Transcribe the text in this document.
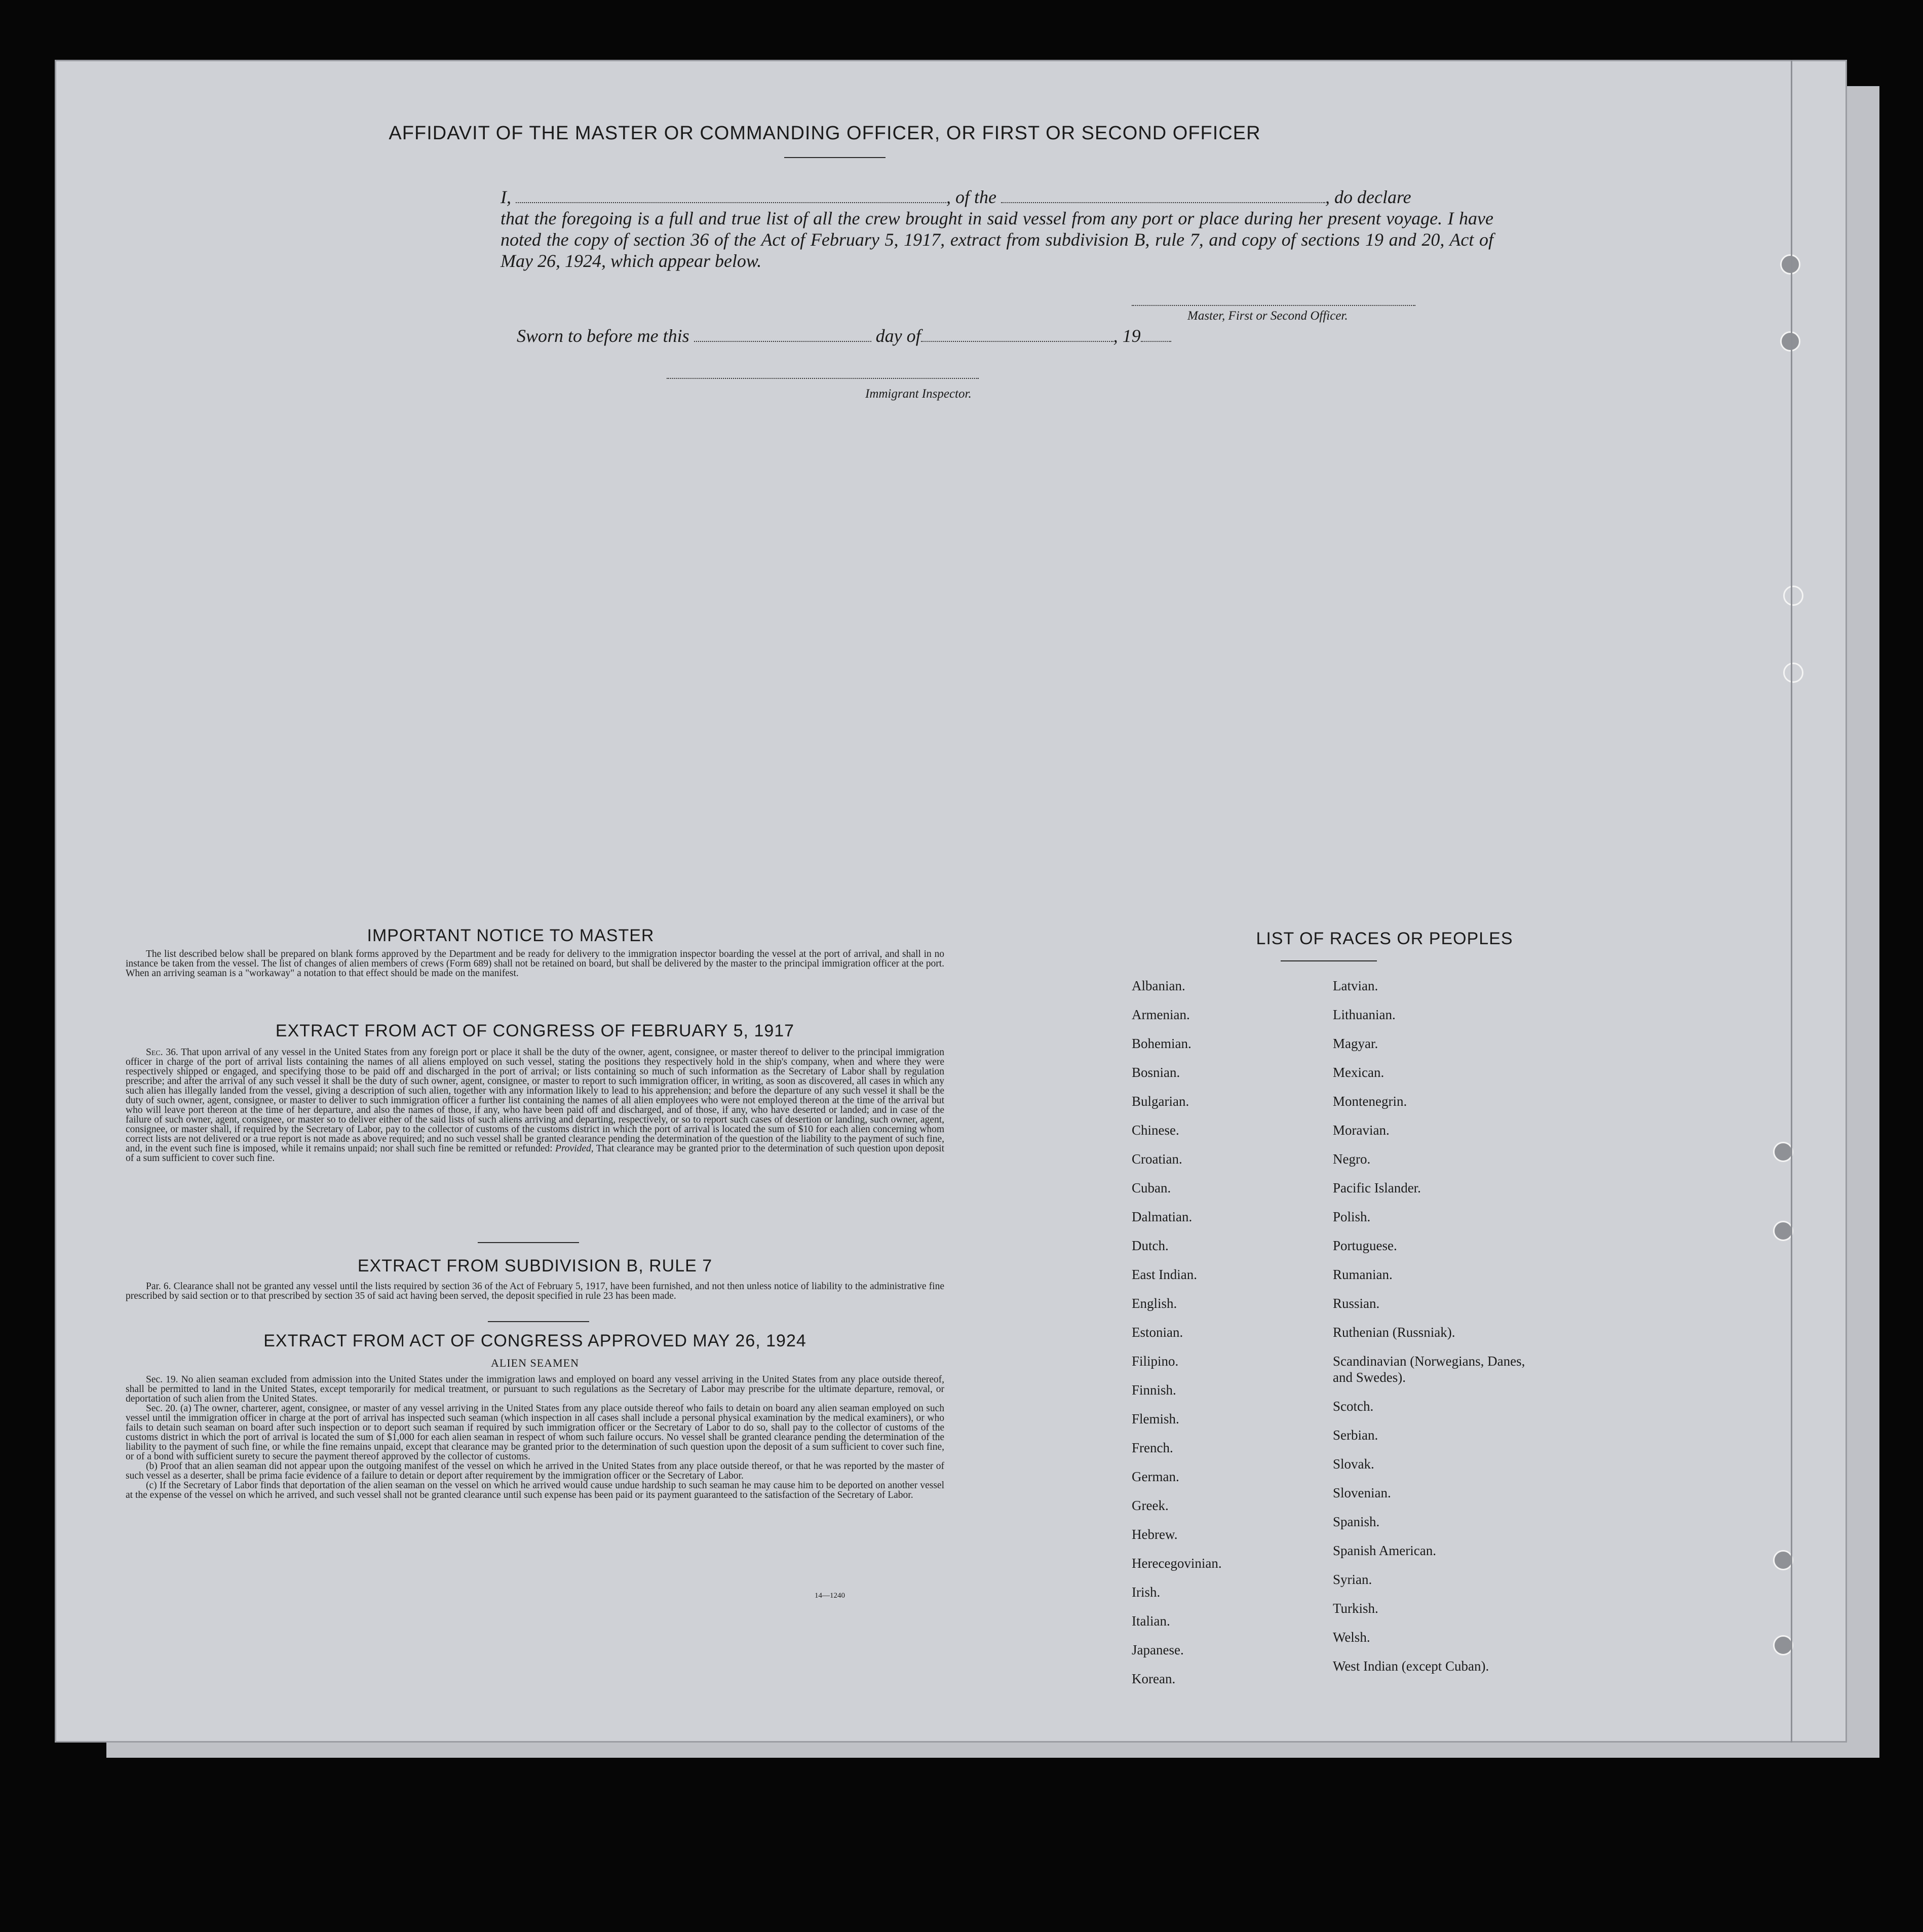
AFFIDAVIT OF THE MASTER OR COMMANDING OFFICER, OR FIRST OR SECOND OFFICER
I,	, of the	, do declare
that the foregoing is a full and true list of all the crew brought in said vessel from any port or place during her present voyage. I have noted the copy of section 36 of the Act of February 5, 1917, extract from subdivision B, rule 7, and copy of sections 19 and 20, Act of May 26, 1924, which appear below.
Master, First or Second Officer.
Sworn to before me this	day of	, 19
Immigrant Inspector.
IMPORTANT NOTICE TO MASTER

The list described below shall be prepared on blank forms approved by the Department and be ready for delivery to the immigration inspector boarding the vessel at the port of arrival, and shall in no instance be taken from the vessel. The list of changes of alien members of crews (Form 689) shall not be retained on board, but shall be delivered by the master to the principal immigration officer at the port. When an arriving seaman is a "workaway" a notation to that effect should be made on the manifest.

EXTRACT FROM ACT OF CONGRESS OF FEBRUARY 5, 1917

Sec. 36. That upon arrival of any vessel in the United States from any foreign port or place it shall be the duty of the owner, agent, consignee, or master thereof to deliver to the principal immigration officer in charge of the port of arrival lists containing the names of all aliens employed on such vessel, stating the positions they respectively hold in the ship's company, when and where they were respectively shipped or engaged, and specifying those to be paid off and discharged in the port of arrival; or lists containing so much of such information as the Secretary of Labor shall by regulation prescribe; and after the arrival of any such vessel it shall be the duty of such owner, agent, consignee, or master to report to such immigration officer, in writing, as soon as discovered, all cases in which any such alien has illegally landed from the vessel, giving a description of such alien, together with any information likely to lead to his apprehension; and before the departure of any such vessel it shall be the duty of such owner, agent, consignee, or master to deliver to such immigration officer a further list containing the names of all alien employees who were not employed thereon at the time of the arrival but who will leave port thereon at the time of her departure, and also the names of those, if any, who have been paid off and discharged, and of those, if any, who have deserted or landed; and in case of the failure of such owner, agent, consignee, or master so to deliver either of the said lists of such aliens arriving and departing, respectively, or so to report such cases of desertion or landing, such owner, agent, consignee, or master shall, if required by the Secretary of Labor, pay to the collector of customs of the customs district in which the port of arrival is located the sum of $10 for each alien concerning whom correct lists are not delivered or a true report is not made as above required; and no such vessel shall be granted clearance pending the determination of the question of the liability to the payment of such fine, and, in the event such fine is imposed, while it remains unpaid; nor shall such fine be remitted or refunded: Provided, That clearance may be granted prior to the determination of such question upon deposit of a sum sufficient to cover such fine.

EXTRACT FROM SUBDIVISION B, RULE 7

Par. 6. Clearance shall not be granted any vessel until the lists required by section 36 of the Act of February 5, 1917, have been furnished, and not then unless notice of liability to the administrative fine prescribed by said section or to that prescribed by section 35 of said act having been served, the deposit specified in rule 23 has been made.

EXTRACT FROM ACT OF CONGRESS APPROVED MAY 26, 1924
ALIEN SEAMEN

Sec. 19. No alien seaman excluded from admission into the United States under the immigration laws and employed on board any vessel arriving in the United States from any place outside thereof, shall be permitted to land in the United States, except temporarily for medical treatment, or pursuant to such regulations as the Secretary of Labor may prescribe for the ultimate departure, removal, or deportation of such alien from the United States.

Sec. 20. (a) The owner, charterer, agent, consignee, or master of any vessel arriving in the United States from any place outside thereof who fails to detain on board any alien seaman employed on such vessel until the immigration officer in charge at the port of arrival has inspected such seaman (which inspection in all cases shall include a personal physical examination by the medical examiners), or who fails to detain such seaman on board after such inspection or to deport such seaman if required by such immigration officer or the Secretary of Labor to do so, shall pay to the collector of customs of the customs district in which the port of arrival is located the sum of $1,000 for each alien seaman in respect of whom such failure occurs. No vessel shall be granted clearance pending the determination of the liability to the payment of such fine, or while the fine remains unpaid, except that clearance may be granted prior to the determination of such question upon the deposit of a sum sufficient to cover such fine, or of a bond with sufficient surety to secure the payment thereof approved by the collector of customs.

(b) Proof that an alien seaman did not appear upon the outgoing manifest of the vessel on which he arrived in the United States from any place outside thereof, or that he was reported by the master of such vessel as a deserter, shall be prima facie evidence of a failure to detain or deport after requirement by the immigration officer or the Secretary of Labor.

(c) If the Secretary of Labor finds that deportation of the alien seaman on the vessel on which he arrived would cause undue hardship to such seaman he may cause him to be deported on another vessel at the expense of the vessel on which he arrived, and such vessel shall not be granted clearance until such expense has been paid or its payment guaranteed to the satisfaction of the Secretary of Labor.

14—1240
LIST OF RACES OR PEOPLES
Albanian.
Armenian.
Bohemian.
Bosnian.
Bulgarian.
Chinese.
Croatian.
Cuban.
Dalmatian.
Dutch.
East Indian.
English.
Estonian.
Filipino.
Finnish.
Flemish.
French.
German.
Greek.
Hebrew.
Herecegovinian.
Irish.
Italian.
Japanese.
Korean.
Latvian.
Lithuanian.
Magyar.
Mexican.
Montenegrin.
Moravian.
Negro.
Pacific Islander.
Polish.
Portuguese.
Rumanian.
Russian.
Ruthenian (Russniak).
Scandinavian (Norwegians, Danes, and Swedes).
Scotch.
Serbian.
Slovak.
Slovenian.
Spanish.
Spanish American.
Syrian.
Turkish.
Welsh.
West Indian (except Cuban).
